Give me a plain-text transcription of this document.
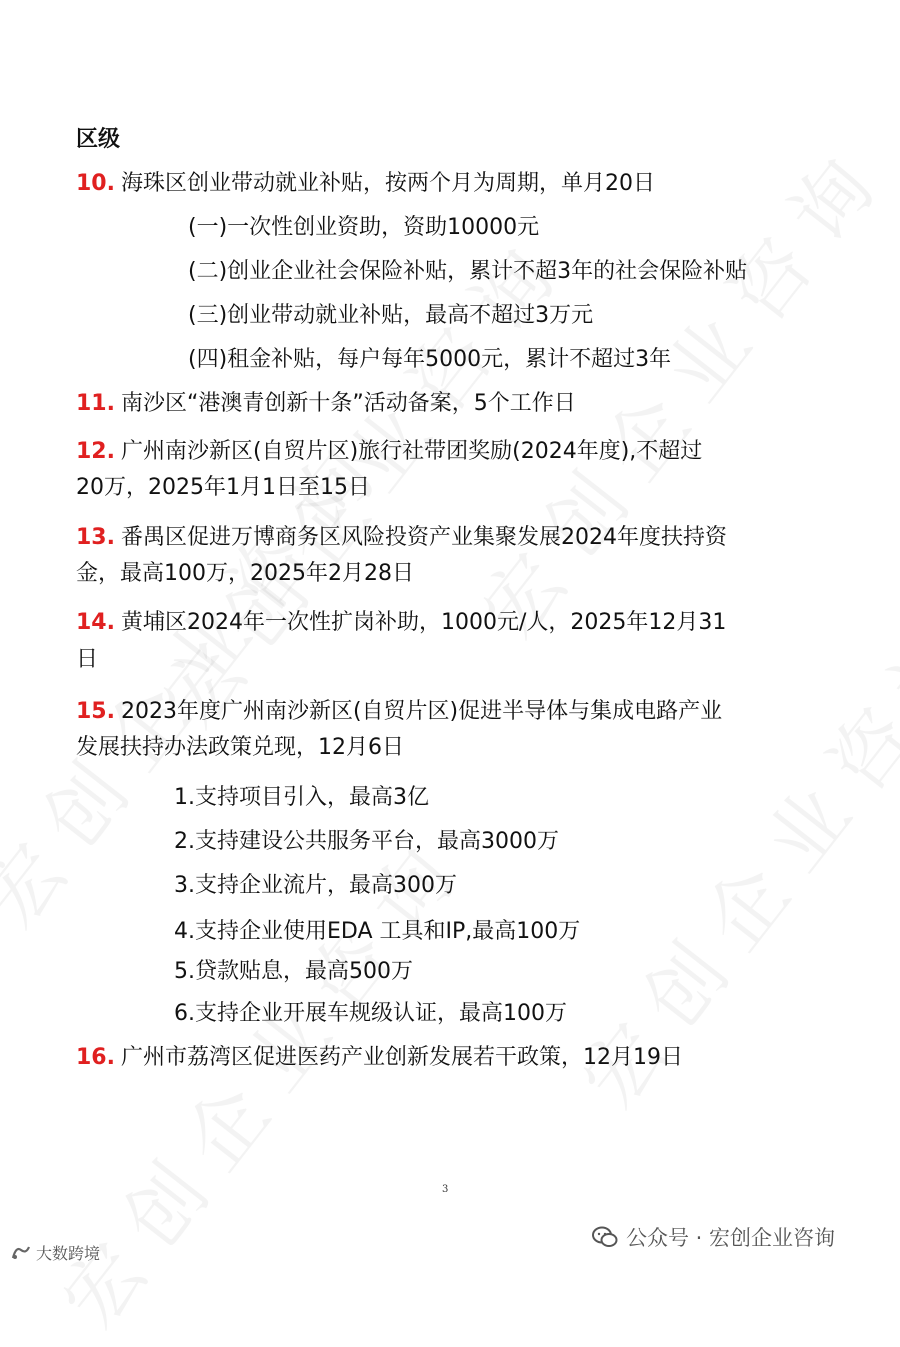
区级
10. 海珠区创业带动就业补贴，按两个月为周期，单月20日
(一)一次性创业资助，资助10000元
(二)创业企业社会保险补贴，累计不超3年的社会保险补贴
(三)创业带动就业补贴，最高不超过3万元
(四)租金补贴，每户每年5000元，累计不超过3年
11. 南沙区“港澳青创新十条”活动备案，5个工作日
12. 广州南沙新区(自贸片区)旅行社带团奖励(2024年度),不超过
20万，2025年1月1日至15日
13. 番禺区促进万博商务区风险投资产业集聚发展2024年度扶持资
金，最高100万，2025年2月28日
14. 黄埔区2024年一次性扩岗补助，1000元/人，2025年12月31
日
15. 2023年度广州南沙新区(自贸片区)促进半导体与集成电路产业
发展扶持办法政策兑现，12月6日
1.支持项目引入，最高3亿
2.支持建设公共服务平台，最高3000万
3.支持企业流片，最高300万
4.支持企业使用EDA 工具和IP,最高100万
5.贷款贴息，最高500万
6.支持企业开展车规级认证，最高100万
16. 广州市荔湾区促进医药产业创新发展若干政策，12月19日
3
公众号 · 宏创企业咨询
大数跨境
